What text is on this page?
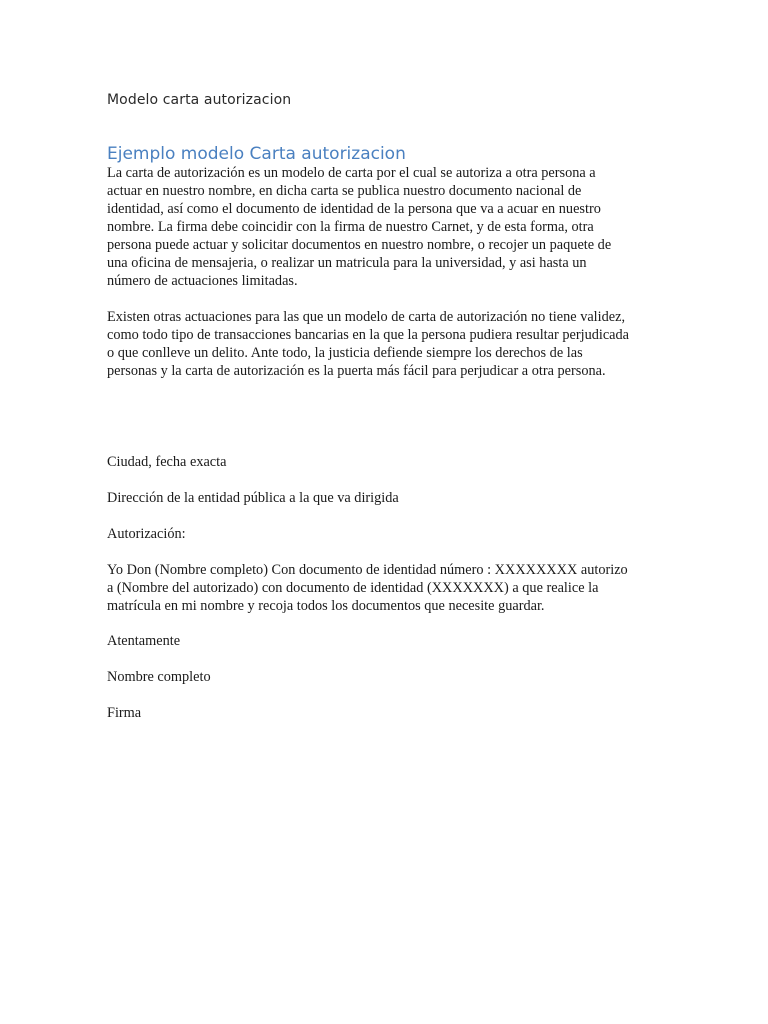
Modelo carta autorizacion
Ejemplo modelo Carta autorizacion
La carta de autorización es un modelo de carta por el cual se autoriza a otra persona a
actuar en nuestro nombre, en dicha carta se publica nuestro documento nacional de
identidad, así como el documento de identidad de la persona que va a acuar en nuestro
nombre. La firma debe coincidir con la firma de nuestro Carnet, y de esta forma, otra
persona puede actuar y solicitar documentos en nuestro nombre, o recojer un paquete de
una oficina de mensajeria, o realizar un matricula para la universidad, y asi hasta un
número de actuaciones limitadas.
Existen otras actuaciones para las que un modelo de carta de autorización no tiene validez,
como todo tipo de transacciones bancarias en la que la persona pudiera resultar perjudicada
o que conlleve un delito. Ante todo, la justicia defiende siempre los derechos de las
personas y la carta de autorización es la puerta más fácil para perjudicar a otra persona.
Ciudad, fecha exacta
Dirección de la entidad pública a la que va dirigida
Autorización:
Yo Don (Nombre completo) Con documento de identidad número : XXXXXXXX autorizo
a (Nombre del autorizado) con documento de identidad (XXXXXXX) a que realice la
matrícula en mi nombre y recoja todos los documentos que necesite guardar.
Atentamente
Nombre completo
Firma
